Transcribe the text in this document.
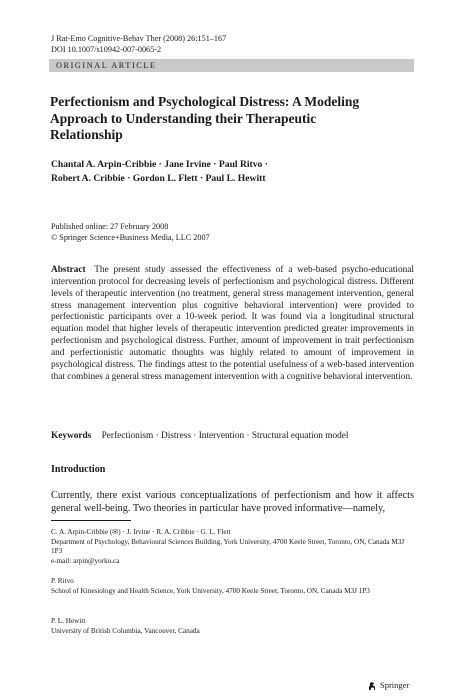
J Rat-Emo Cognitive-Behav Ther (2008) 26:151–167
DOI 10.1007/s10942-007-0065-2
ORIGINAL ARTICLE
Perfectionism and Psychological Distress: A Modeling Approach to Understanding their Therapeutic Relationship
Chantal A. Arpin-Cribbie · Jane Irvine · Paul Ritvo ·
Robert A. Cribbie · Gordon L. Flett · Paul L. Hewitt
Published online: 27 February 2008
© Springer Science+Business Media, LLC 2007
Abstract The present study assessed the effectiveness of a web-based psycho-educational intervention protocol for decreasing levels of perfectionism and psychological distress. Different levels of therapeutic intervention (no treatment, general stress management intervention, general stress management intervention plus cognitive behavioral intervention) were provided to perfectionistic participants over a 10-week period. It was found via a longitudinal structural equation model that higher levels of therapeutic intervention predicted greater improvements in perfectionism and psychological distress. Further, amount of improvement in trait perfectionism and perfectionistic automatic thoughts was highly related to amount of improvement in psychological distress. The findings attest to the potential usefulness of a web-based intervention that combines a general stress management intervention with a cognitive behavioral intervention.
Keywords Perfectionism · Distress · Intervention · Structural equation model
Introduction
Currently, there exist various conceptualizations of perfectionism and how it affects general well-being. Two theories in particular have proved informative—namely,

C. A. Arpin-Cribbie (✉) · J. Irvine · R. A. Cribbie · G. L. Flett

Department of Psychology, Behavioural Sciences Building, York University, 4700 Keele Street, Toronto, ON, Canada M3J 1P3

e-mail: arpin@yorku.ca

P. Ritvo

School of Kinesiology and Health Science, York University, 4700 Keele Street, Toronto, ON, Canada M3J 1P3

P. L. Hewitt

University of British Columbia, Vancouver, Canada

Springer
